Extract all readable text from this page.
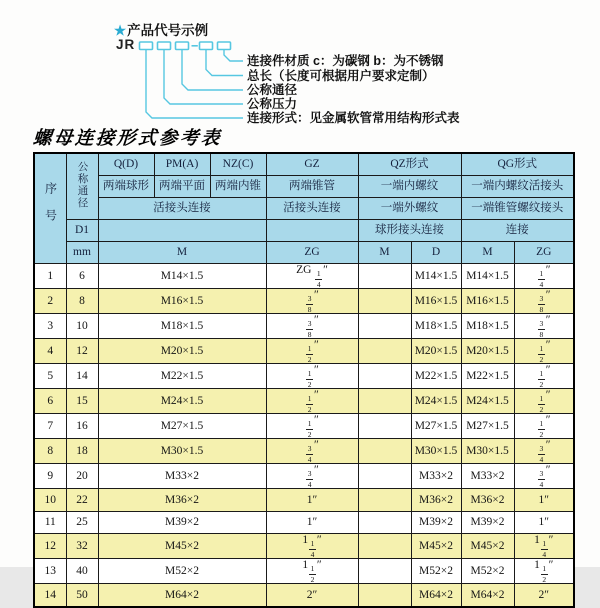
★产品代号示例
JR
连接件材质 c：为碳钢 b：为不锈钢
总长（长度可根据用户要求定制）
公称通径
公称压力
连接形式：见金属软管常用结构形式表
螺母连接形式参考表
序号	公称通径	Q(D)	PM(A)	NZ(C)	GZ	QZ形式		QG形式	
		两端球形	两端平面	两端内锥	两端锥管	一端内螺纹		一端内螺纹活接头	
		活接头连接			活接头连接	一端外螺纹		一端锥管螺纹接头	
	D1					球形接头连接		连接	
	mm	M			ZG	M	D	M	ZG
1	6	M14×1.5			ZG $\frac{1}{4}$ ″		M14×1.5	M14×1.5	$\frac{1}{4}$ ″
2	8	M16×1.5			$\frac{3}{8}$ ″		M16×1.5	M16×1.5	$\frac{3}{8}$ ″
3	10	M18×1.5			$\frac{3}{8}$ ″		M18×1.5	M18×1.5	$\frac{3}{8}$ ″
4	12	M20×1.5			$\frac{1}{2}$ ″		M20×1.5	M20×1.5	$\frac{1}{2}$ ″
5	14	M22×1.5			$\frac{1}{2}$ ″		M22×1.5	M22×1.5	$\frac{1}{2}$ ″
6	15	M24×1.5			$\frac{1}{2}$ ″		M24×1.5	M24×1.5	$\frac{1}{2}$ ″
7	16	M27×1.5			$\frac{1}{2}$ ″		M27×1.5	M27×1.5	$\frac{1}{2}$ ″
8	18	M30×1.5			$\frac{3}{4}$ ″		M30×1.5	M30×1.5	$\frac{3}{4}$ ″
9	20	M33×2			$\frac{3}{4}$ ″		M33×2	M33×2	$\frac{3}{4}$ ″
10	22	M36×2			1″		M36×2	M36×2	1″
11	25	M39×2			1″		M39×2	M39×2	1″
12	32	M45×2			$1 \frac{1}{4}$ ″		M45×2	M45×2	$1 \frac{1}{4}$ ″
13	40	M52×2			$1 \frac{1}{2}$ ″		M52×2	M52×2	$1 \frac{1}{2}$ ″
14	50	M64×2			2″		M64×2	M64×2	2″
